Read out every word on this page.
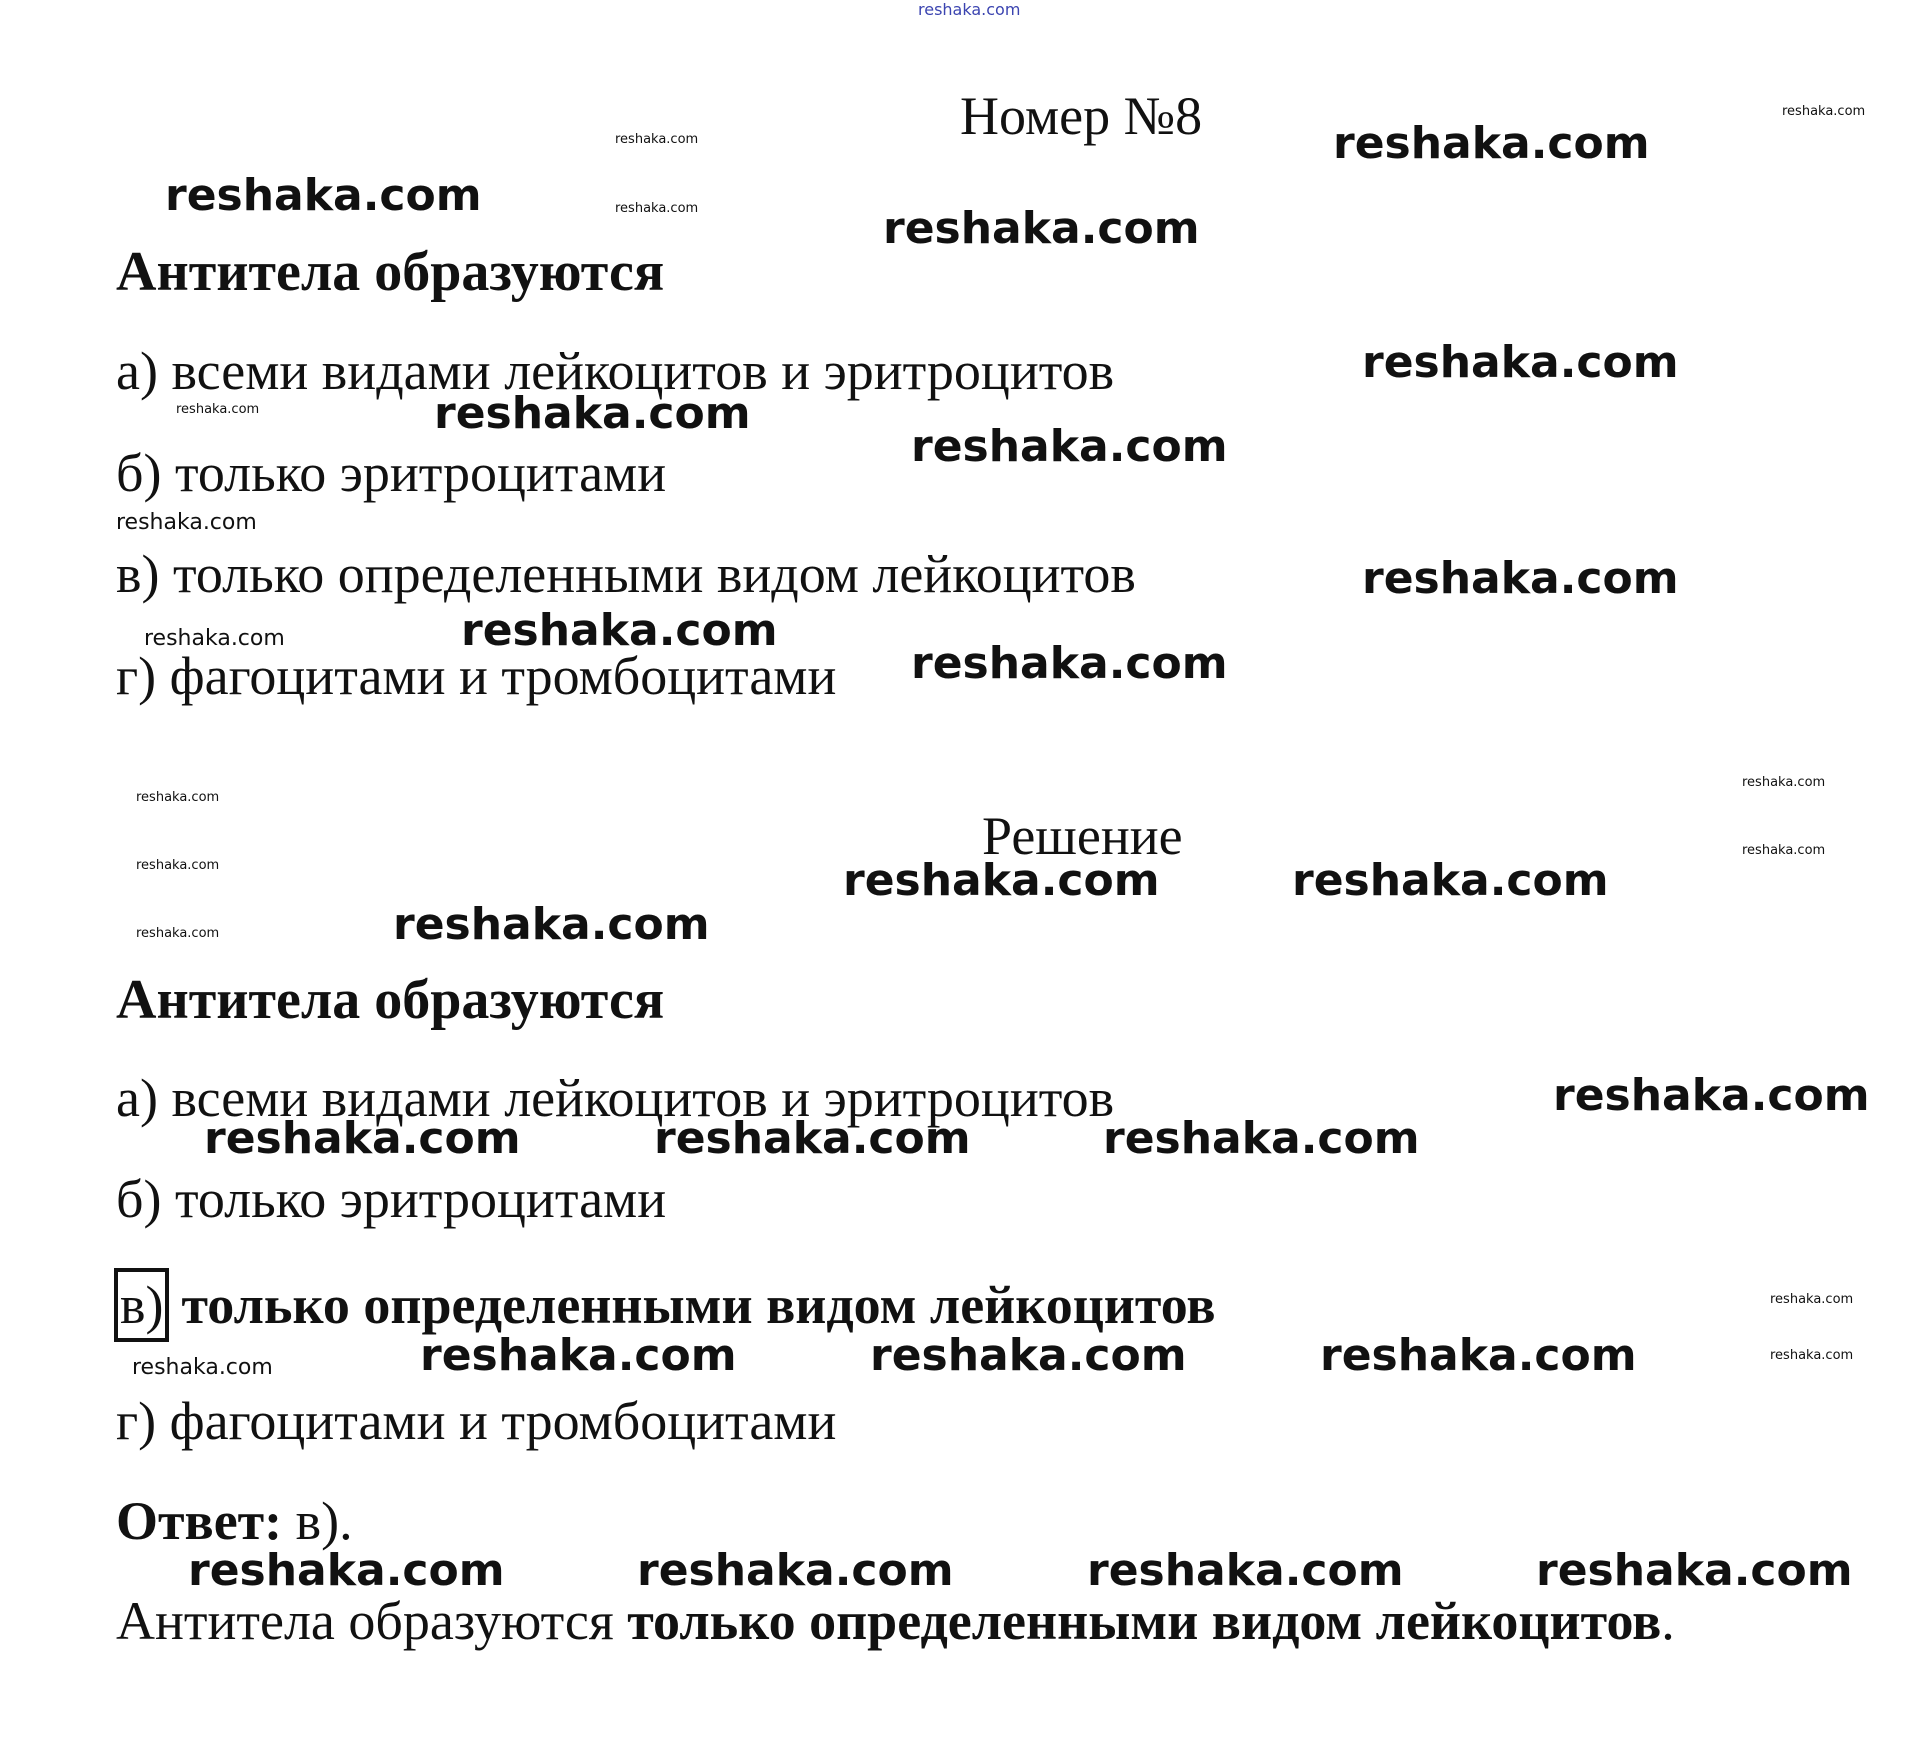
reshaka.com
Номер №8
Антитела образуются
а) всеми видами лейкоцитов и эритроцитов
б) только эритроцитами
в) только определенными видом лейкоцитов
г) фагоцитами и тромбоцитами
Решение
Антитела образуются
а) всеми видами лейкоцитов и эритроцитов
б) только эритроцитами
в) только определенными видом лейкоцитов
г) фагоцитами и тромбоцитами
Ответ: в).
Антитела образуются только определенными видом лейкоцитов.
reshaka.com
reshaka.com
reshaka.com
reshaka.com
reshaka.com
reshaka.com
reshaka.com
reshaka.com	reshaka.com
reshaka.com
reshaka.com
reshaka.com
reshaka.com	reshaka.com
reshaka.com
reshaka.com
reshaka.com
reshaka.com
reshaka.com	reshaka.com	reshaka.com
reshaka.com	reshaka.com
reshaka.com
reshaka.com	reshaka.com	reshaka.com
reshaka.com
reshaka.com
reshaka.com	reshaka.com	reshaka.com	reshaka.com
reshaka.com	reshaka.com	reshaka.com	reshaka.com
